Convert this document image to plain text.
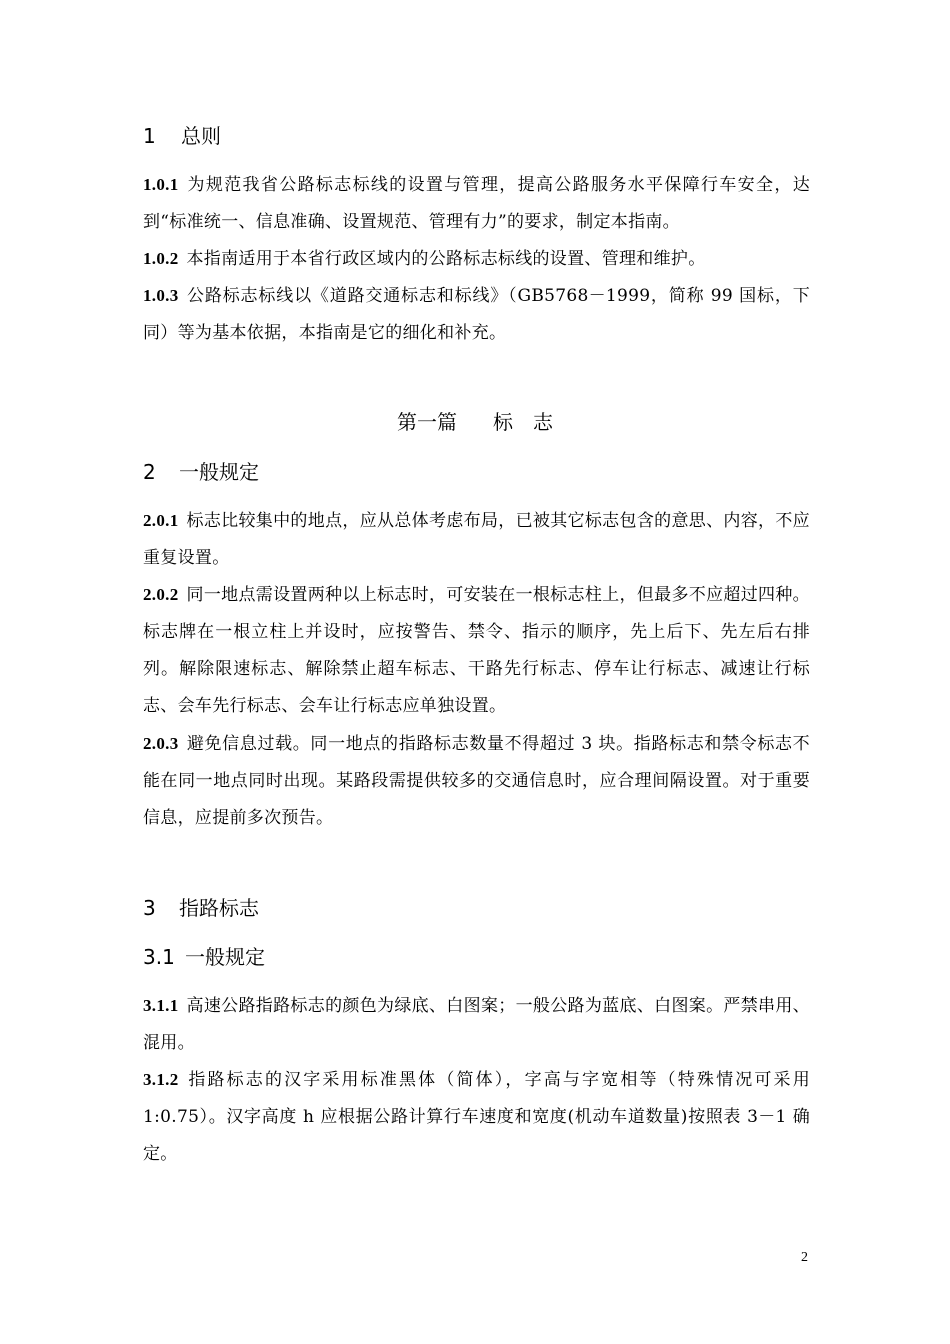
1 总则
1.0.1 为规范我省公路标志标线的设置与管理，提高公路服务水平保障行车安全，达到“标准统一、信息准确、设置规范、管理有力”的要求，制定本指南。
1.0.2 本指南适用于本省行政区域内的公路标志标线的设置、管理和维护。
1.0.3 公路标志标线以《道路交通标志和标线》（GB5768－1999，简称 99 国标，下同）等为基本依据，本指南是它的细化和补充。
第一篇 标　志
2 一般规定
2.0.1 标志比较集中的地点，应从总体考虑布局，已被其它标志包含的意思、内容，不应重复设置。
2.0.2 同一地点需设置两种以上标志时，可安装在一根标志柱上，但最多不应超过四种。标志牌在一根立柱上并设时，应按警告、禁令、指示的顺序，先上后下、先左后右排列。解除限速标志、解除禁止超车标志、干路先行标志、停车让行标志、减速让行标志、会车先行标志、会车让行标志应单独设置。
2.0.3 避免信息过载。同一地点的指路标志数量不得超过 3 块。指路标志和禁令标志不能在同一地点同时出现。某路段需提供较多的交通信息时，应合理间隔设置。对于重要信息，应提前多次预告。
3 指路标志
3.1 一般规定
3.1.1 高速公路指路标志的颜色为绿底、白图案；一般公路为蓝底、白图案。严禁串用、混用。
3.1.2 指路标志的汉字采用标准黑体（简体），字高与字宽相等（特殊情况可采用1:0.75）。汉字高度 h 应根据公路计算行车速度和宽度(机动车道数量)按照表 3－1 确定。
2
